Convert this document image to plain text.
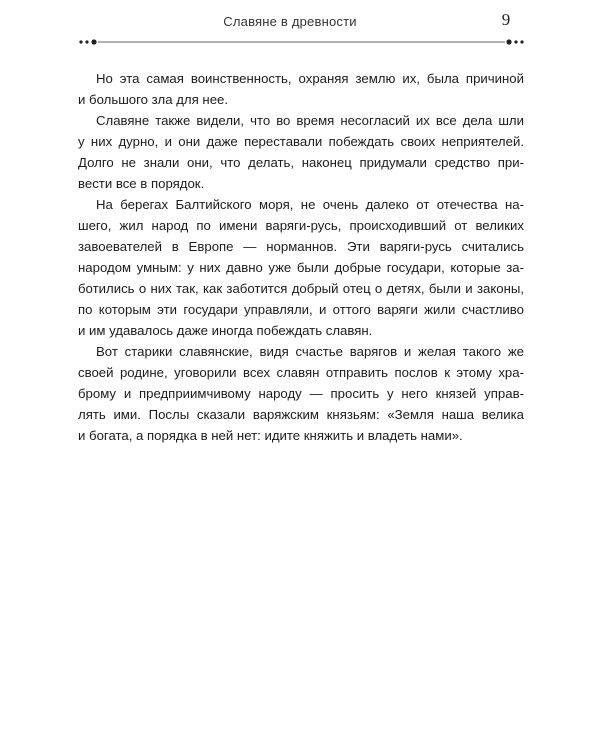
Славяне в древности	9

Но эта самая воинственность, охраняя землю их, была причиной
и большого зла для нее.

Славяне также видели, что во время несогласий их все дела шли
у них дурно, и они даже переставали побеждать своих неприятелей.
Долго не знали они, что делать, наконец придумали средство при-
вести все в порядок.

На берегах Балтийского моря, не очень далеко от отечества на-
шего, жил народ по имени варяги-русь, происходивший от великих
завоевателей в Европе — норманнов. Эти варяги-русь считались
народом умным: у них давно уже были добрые государи, которые за-
ботились о них так, как заботится добрый отец о детях, были и законы,
по которым эти государи управляли, и оттого варяги жили счастливо
и им удавалось даже иногда побеждать славян.

Вот старики славянские, видя счастье варягов и желая такого же
своей родине, уговорили всех славян отправить послов к этому хра-
брому и предприимчивому народу — просить у него князей управ-
лять ими. Послы сказали варяжским князьям: «Земля наша велика
и богата, а порядка в ней нет: идите княжить и владеть нами».
